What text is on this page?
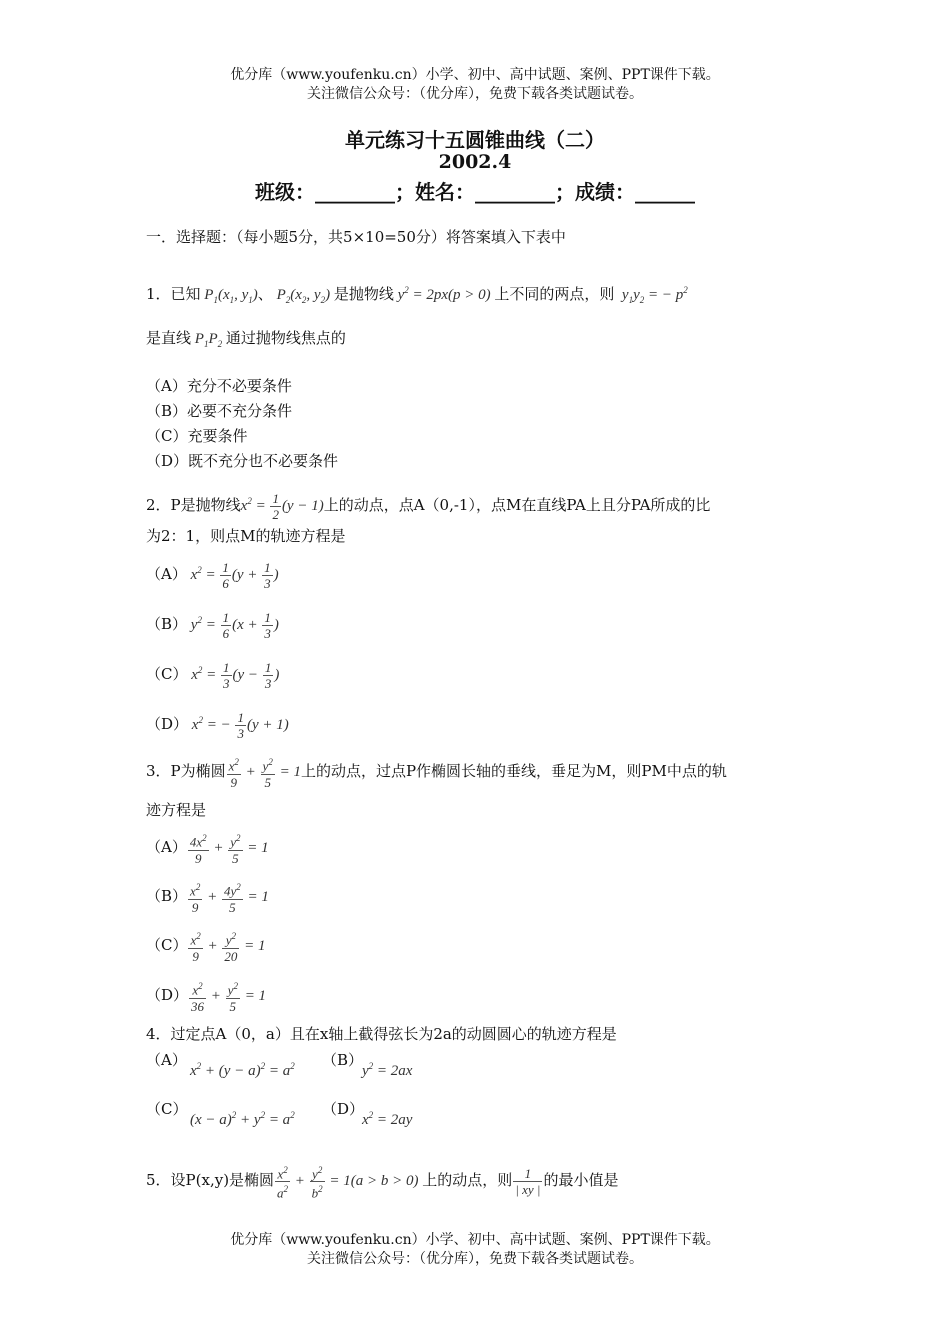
优分库（www.youfenku.cn）小学、初中、高中试题、案例、PPT课件下载。
关注微信公众号：（优分库），免费下载各类试题试卷。
单元练习十五圆锥曲线（二）
2002.4
班级：________；姓名：________；成绩：______
一．选择题：（每小题5分，共5×10=50分）将答案填入下表中
1．已知 $P_1(x_1$, $y_1$)、 $P_2(x_2$, $y_2$) 是抛物线 $y^2 = 2px(p > 0)$ 上不同的两点，则  $y_1y_2$ = − $p^2$
是直线 $P_1P_2$ 通过抛物线焦点的
（A）充分不必要条件
（B）必要不充分条件
（C）充要条件
（D）既不充分也不必要条件
2．P是抛物线$x^2 = \frac{1}{2} (y - 1)$上的动点，点A（0,-1），点M在直线PA上且分PA所成的比
为2：1，则点M的轨迹方程是
（A） $x^2 = \frac{1}{6} (y + \frac{1}{3}$ )
（B） $y^2 = \frac{1}{6} (x + \frac{1}{3}$ )
（C） $x^2 = \frac{1}{3} (y - \frac{1}{3}$ )
（D） $x^2$ = − $\frac{1}{3} (y + 1)$
3．P为椭圆 $\frac{x^2}{9} + \frac{y^2}{5} = 1$上的动点，过点P作椭圆长轴的垂线，垂足为M，则PM中点的轨
迹方程是
$(A) \frac{4x^2}{9} + \frac{y^2}{5} = 1$
$(B) \frac{x^2}{9} + \frac{4y^2}{5} = 1$
$(C) \frac{x^2}{9} + \frac{y^2}{20} = 1$
$(D) \frac{x^2}{36} + \frac{y^2}{5} = 1$
4．过定点A（0，a）且在x轴上截得弦长为2a的动圆圆心的轨迹方程是
（A）
$x^2 + (y - a)^2 = a^2$ （B）
$y^2 = 2ax$
（C）
$(x - a)^2 + y^2 = a^2$ （D）
$x^2 = 2ay$
5．设P(x,y)是椭圆 $\frac{x^2}{a^2} + \frac{y^2}{b^2} = 1(a > b > 0)$ 上的动点，则 $\frac{1}{| xy |}$ 的最小值是
优分库（www.youfenku.cn）小学、初中、高中试题、案例、PPT课件下载。
关注微信公众号：（优分库），免费下载各类试题试卷。
